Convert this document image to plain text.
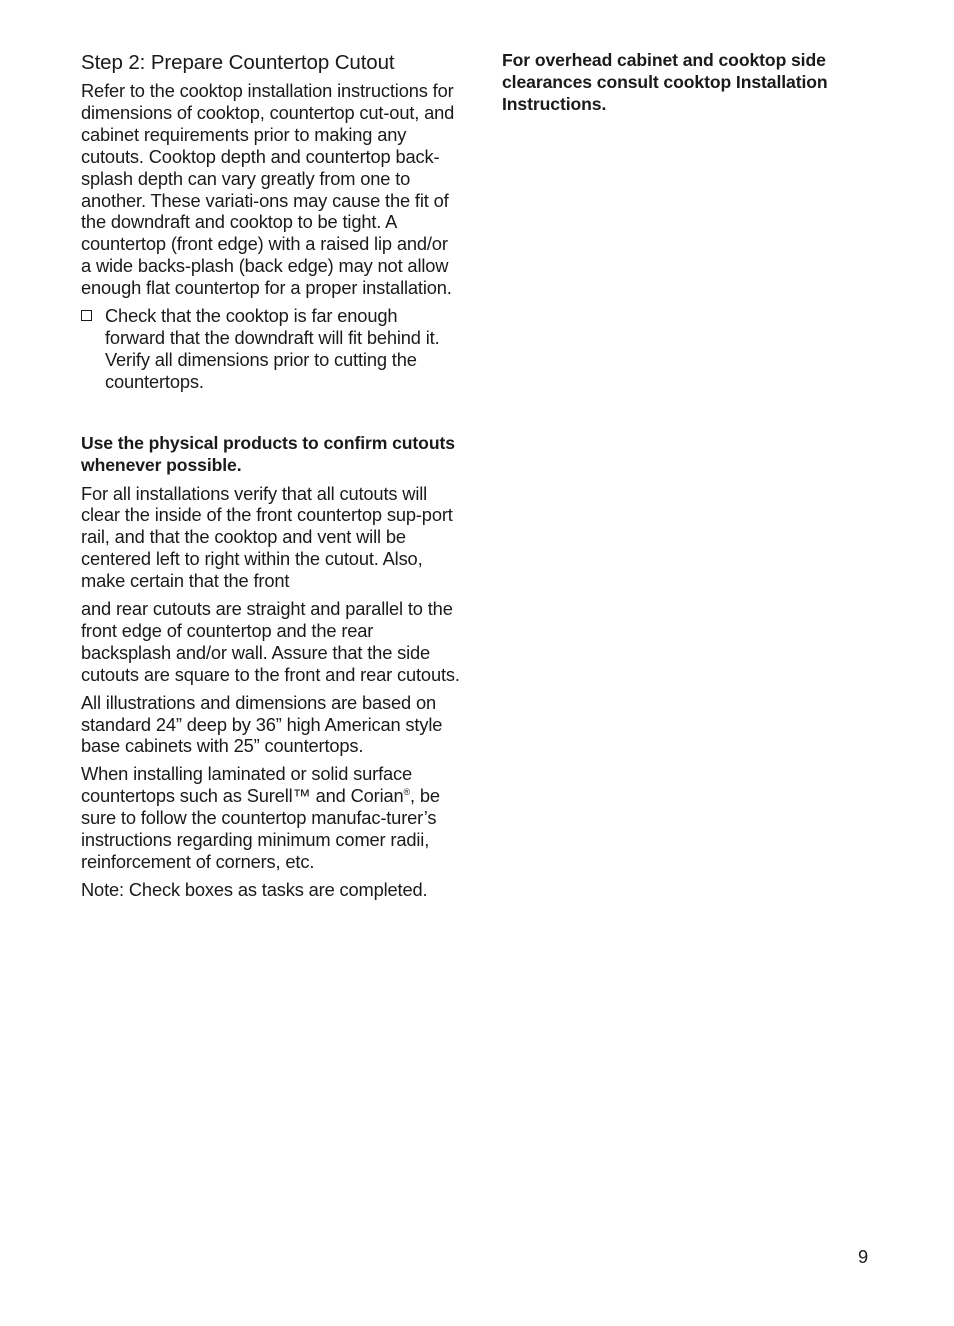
Step 2: Prepare Countertop Cutout

Refer to the cooktop installation instructions for dimensions of cooktop, countertop cut-out, and cabinet requirements prior to making any cutouts. Cooktop depth and countertop back-splash depth can vary greatly from one to another. These variati-ons may cause the fit of the downdraft and cooktop to be tight. A countertop (front edge) with a raised lip and/or a wide backs-plash (back edge) may not allow enough flat countertop for a proper installation.

Check that the cooktop is far enough forward that the downdraft will fit behind it. Verify all dimensions prior to cutting the countertops.

Use the physical products to confirm cutouts whenever possible.

For all installations verify that all cutouts will clear the inside of the front countertop sup-port rail, and that the cooktop and vent will be centered left to right within the cutout. Also, make certain that the front

and rear cutouts are straight and parallel to the front edge of countertop and the rear backsplash and/or wall. Assure that the side cutouts are square to the front and rear cutouts.

All illustrations and dimensions are based on standard 24” deep by 36” high American style base cabinets with 25” countertops.

When installing laminated or solid surface countertops such as Surell™ and Corian®, be sure to follow the countertop manufac-turer’s instructions regarding minimum comer radii, reinforcement of corners, etc.

Note: Check boxes as tasks are completed.

For overhead cabinet and cooktop side clearances consult cooktop Installation Instructions.

9
